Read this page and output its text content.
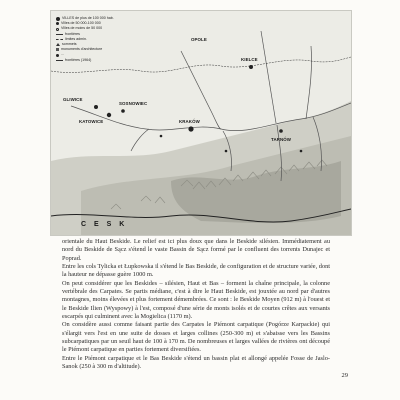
VILLES de plus de 100 000 hab.
Villes de 50 000-100 000
Villes de moins de 50 000
frontières
limites admin.
sommets
monuments d'architecture
...
frontières (1964)
OPOLE
GLIWICE
KATOWICE
SOSNOWIEC
KRAKÓW
KIELCE
TARNÓW
C E S K

orientale du Haut Beskide. Le relief est ici plus doux que dans le Beskide silésien. Immédiatement au nord du Beskide de Sącz s'étend le vaste Bassin de Sącz formé par le confluent des torrents Dunajec et Poprad.

Entre les cols Tylicka et Łupkowska il s'étend le Bas Beskide, de configuration et de structure variée, dont la hauteur ne dépasse guère 1000 m.

On peut considérer que les Beskides – silésien, Haut et Bas – forment la chaîne principale, la colonne vertébrale des Carpates. Se partis médiane, c'est à dire le Haut Beskide, est jouxtée au nord par d'autres montagnes, moins élevées et plus fortement démembrées. Ce sont : le Beskide Moyen (912 m) à l'ouest et le Beskide Ilien (Wyspowy) à l'est, composé d'une série de monts isolés et de courtes crêtes aux versants escarpés qui culminent avec la Mogielica (1170 m).

On considère aussi comme faisant partie des Carpates le Piémont carpatique (Pogórze Karpackie) qui s'élargit vers l'est en une suite de dosses et larges collines (250-300 m) et s'abaisse vers les Bassins subcarpatiques par un seuil haut de 100 à 170 m. De nombreuses et larges vallées de rivières ont découpé le Piémont carpatique en parties fortement diversifiées.

Entre le Piémont carpatique et le Bas Beskide s'étend un bassin plat et allongé appelée Fosse de Jaslo-Sanok (250 à 300 m d'altitude).

29
